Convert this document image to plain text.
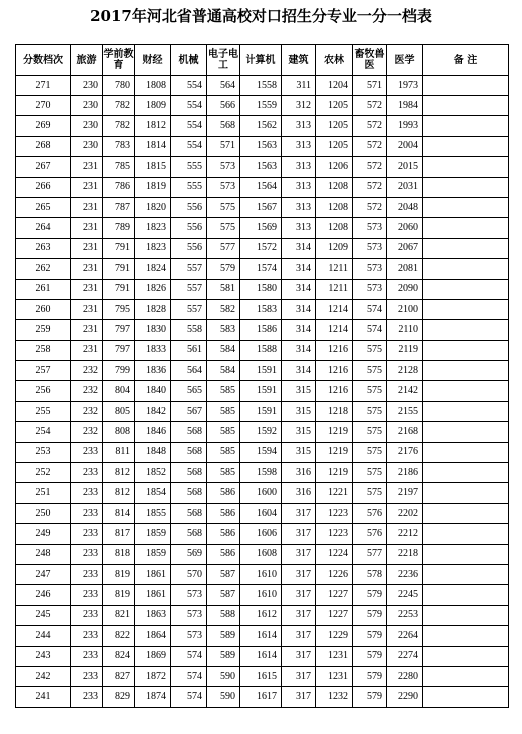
2017年河北省普通高校对口招生分专业一分一档表
分数档次	旅游	学前教育	财经	机械	电子电工	计算机	建筑	农林	畜牧兽医	医学	备 注
271	230	780	1808	554	564	1558	311	1204	571	1973	
270	230	782	1809	554	566	1559	312	1205	572	1984	
269	230	782	1812	554	568	1562	313	1205	572	1993	
268	230	783	1814	554	571	1563	313	1205	572	2004	
267	231	785	1815	555	573	1563	313	1206	572	2015	
266	231	786	1819	555	573	1564	313	1208	572	2031	
265	231	787	1820	556	575	1567	313	1208	572	2048	
264	231	789	1823	556	575	1569	313	1208	573	2060	
263	231	791	1823	556	577	1572	314	1209	573	2067	
262	231	791	1824	557	579	1574	314	1211	573	2081	
261	231	791	1826	557	581	1580	314	1211	573	2090	
260	231	795	1828	557	582	1583	314	1214	574	2100	
259	231	797	1830	558	583	1586	314	1214	574	2110	
258	231	797	1833	561	584	1588	314	1216	575	2119	
257	232	799	1836	564	584	1591	314	1216	575	2128	
256	232	804	1840	565	585	1591	315	1216	575	2142	
255	232	805	1842	567	585	1591	315	1218	575	2155	
254	232	808	1846	568	585	1592	315	1219	575	2168	
253	233	811	1848	568	585	1594	315	1219	575	2176	
252	233	812	1852	568	585	1598	316	1219	575	2186	
251	233	812	1854	568	586	1600	316	1221	575	2197	
250	233	814	1855	568	586	1604	317	1223	576	2202	
249	233	817	1859	568	586	1606	317	1223	576	2212	
248	233	818	1859	569	586	1608	317	1224	577	2218	
247	233	819	1861	570	587	1610	317	1226	578	2236	
246	233	819	1861	573	587	1610	317	1227	579	2245	
245	233	821	1863	573	588	1612	317	1227	579	2253	
244	233	822	1864	573	589	1614	317	1229	579	2264	
243	233	824	1869	574	589	1614	317	1231	579	2274	
242	233	827	1872	574	590	1615	317	1231	579	2280	
241	233	829	1874	574	590	1617	317	1232	579	2290	
